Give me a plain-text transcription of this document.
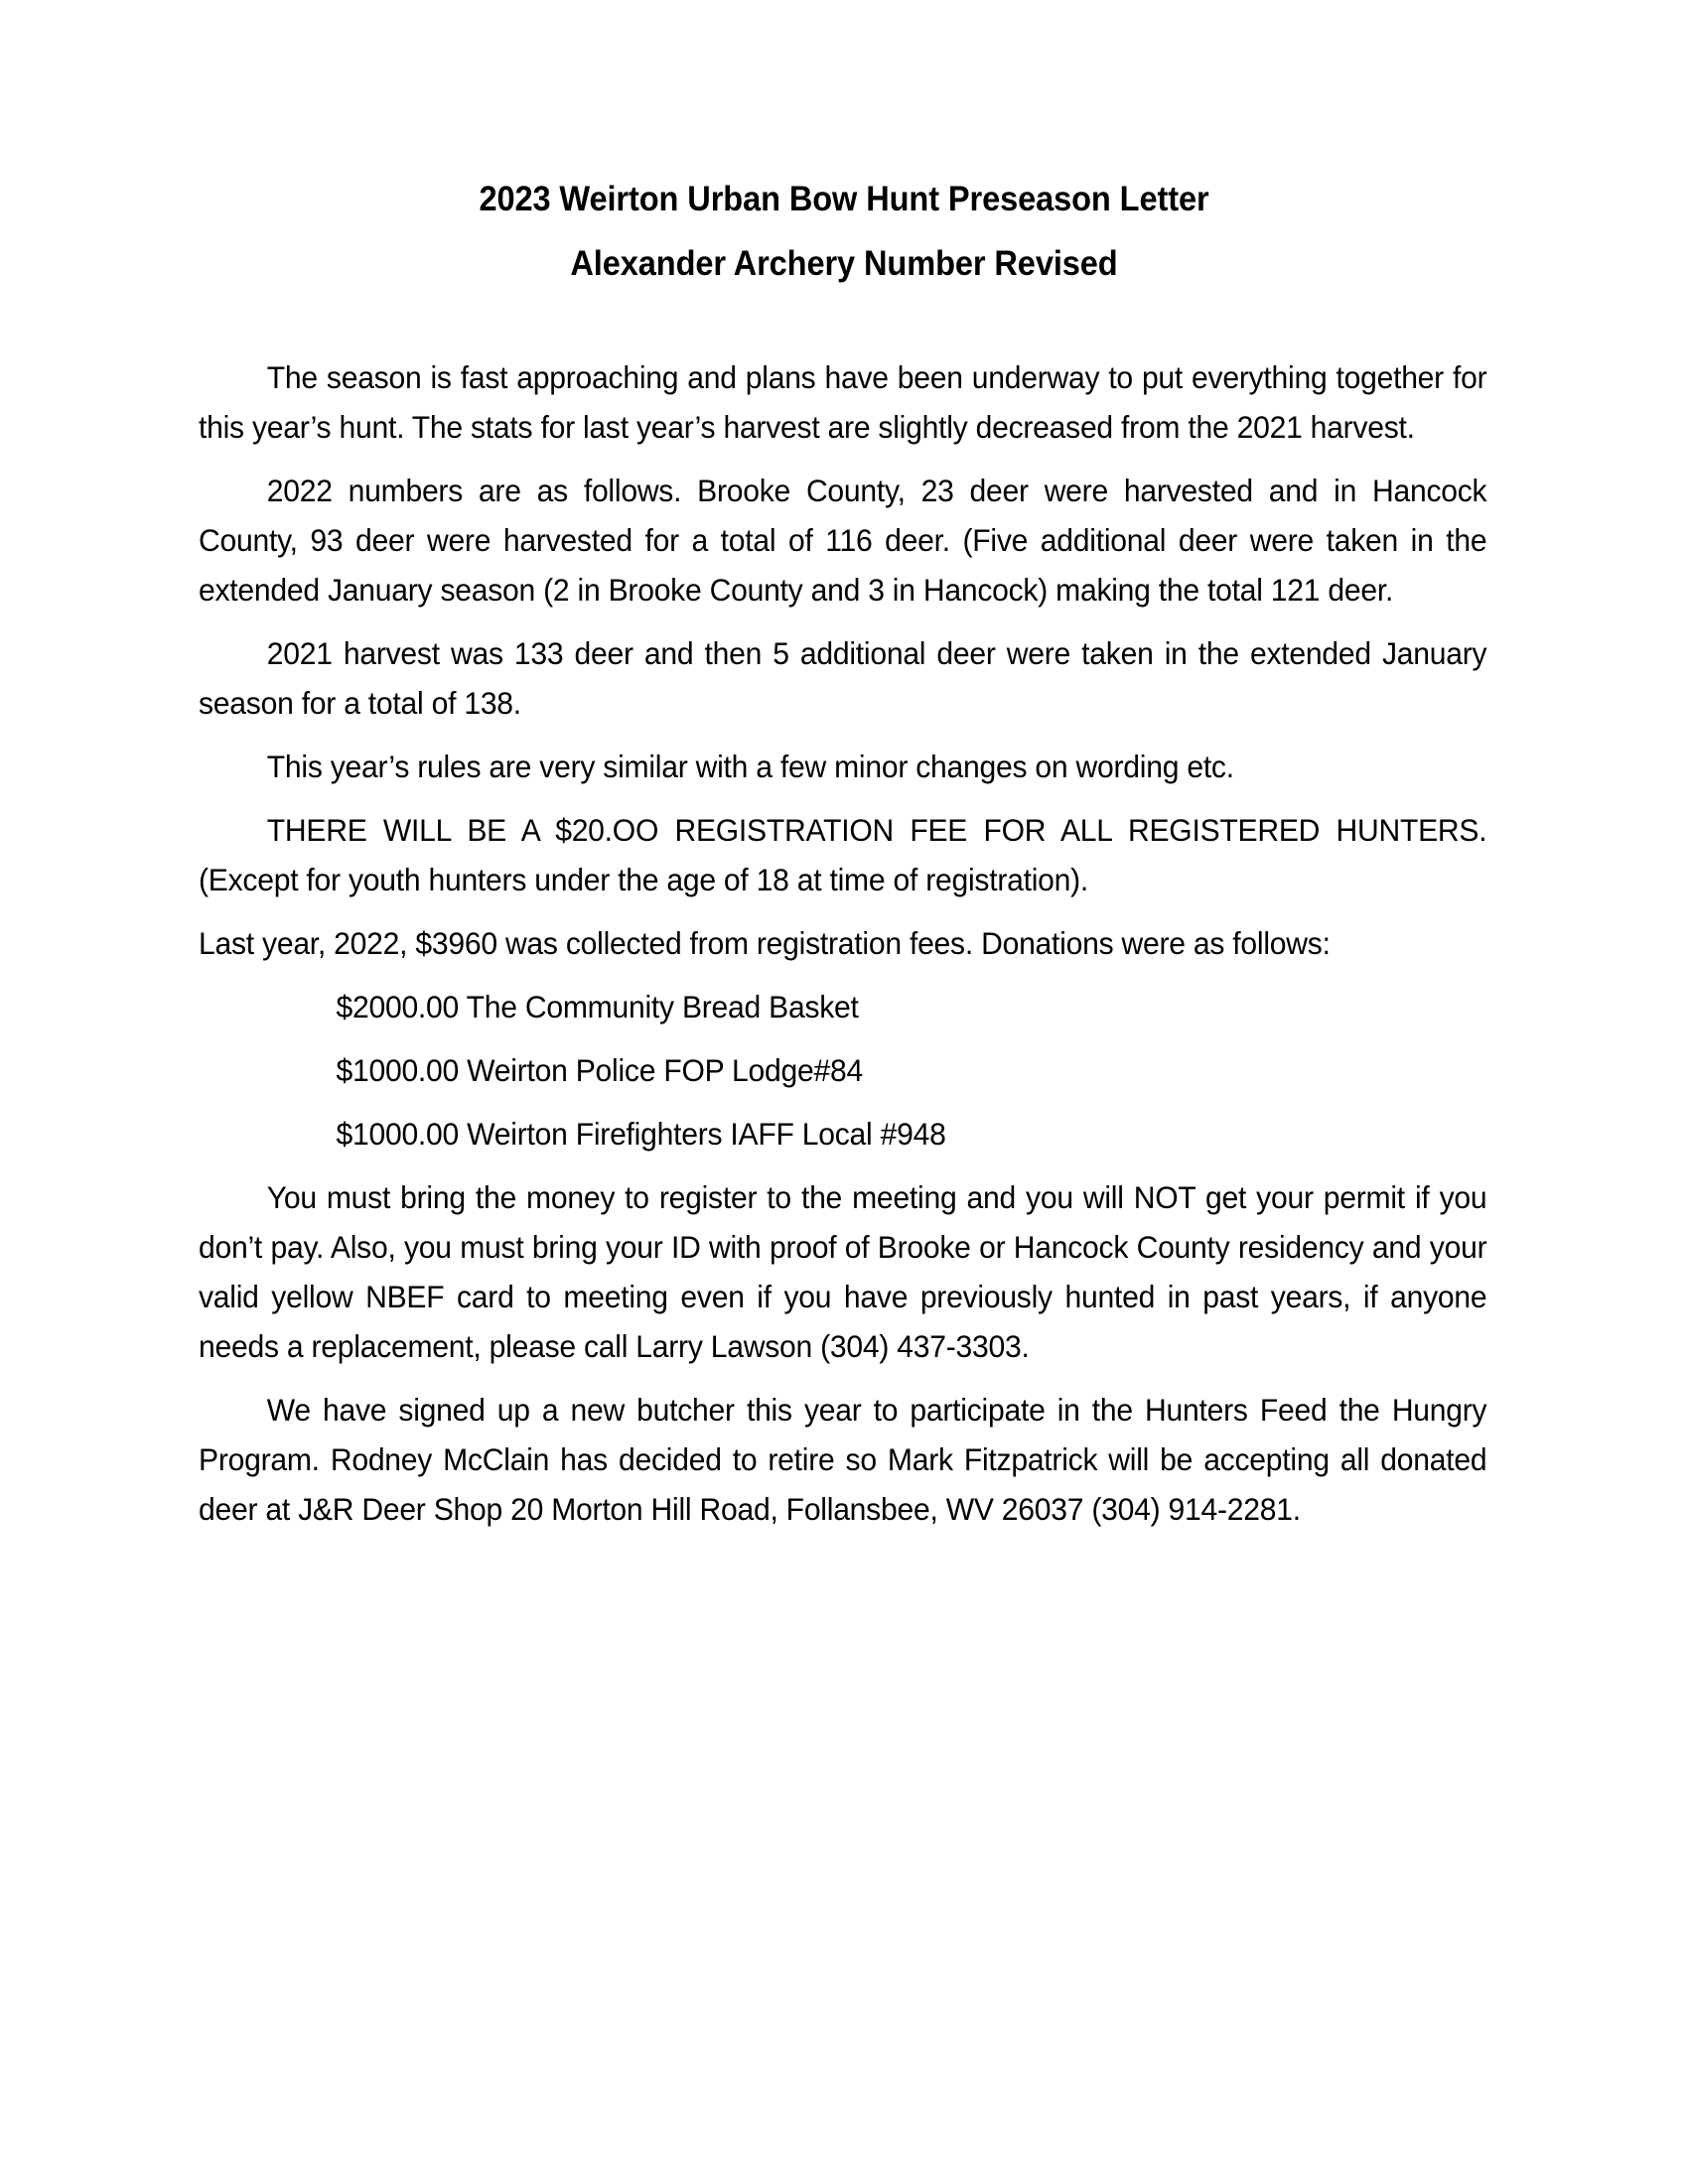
2023 Weirton Urban Bow Hunt Preseason Letter
Alexander Archery Number Revised

The season is fast approaching and plans have been underway to put everything together for this year’s hunt. The stats for last year’s harvest are slightly decreased from the 2021 harvest.

2022 numbers are as follows. Brooke County, 23 deer were harvested and in Hancock County, 93 deer were harvested for a total of 116 deer. (Five additional deer were taken in the extended January season (2 in Brooke County and 3 in Hancock) making the total 121 deer.

2021 harvest was 133 deer and then 5 additional deer were taken in the extended January season for a total of 138.

This year’s rules are very similar with a few minor changes on wording etc.

THERE WILL BE A $20.OO REGISTRATION FEE FOR ALL REGISTERED HUNTERS. (Except for youth hunters under the age of 18 at time of registration).

Last year, 2022, $3960 was collected from registration fees. Donations were as follows:

$2000.00 The Community Bread Basket

$1000.00 Weirton Police FOP Lodge#84

$1000.00 Weirton Firefighters IAFF Local #948

You must bring the money to register to the meeting and you will NOT get your permit if you don’t pay. Also, you must bring your ID with proof of Brooke or Hancock County residency and your valid yellow NBEF card to meeting even if you have previously hunted in past years, if anyone needs a replacement, please call Larry Lawson (304) 437-3303.

We have signed up a new butcher this year to participate in the Hunters Feed the Hungry Program. Rodney McClain has decided to retire so Mark Fitzpatrick will be accepting all donated deer at J&R Deer Shop 20 Morton Hill Road, Follansbee, WV 26037 (304) 914-2281.
